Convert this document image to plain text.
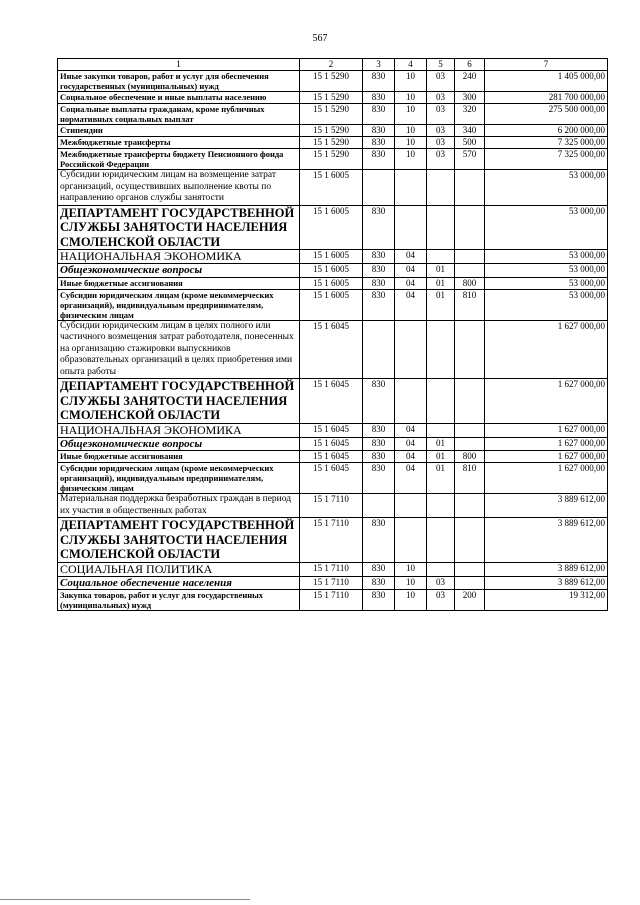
567
1	2	3	4	5	6	7
Иные закупки товаров, работ и услуг для обеспечения государственных (муниципальных) нужд	15 1 5290	830	10	03	240	1 405 000,00
Социальное обеспечение и иные выплаты населению	15 1 5290	830	10	03	300	281 700 000,00
Социальные выплаты гражданам, кроме публичных нормативных социальных выплат	15 1 5290	830	10	03	320	275 500 000,00
Стипендии	15 1 5290	830	10	03	340	6 200 000,00
Межбюджетные трансферты	15 1 5290	830	10	03	500	7 325 000,00
Межбюджетные трансферты бюджету Пенсионного фонда Российской Федерации	15 1 5290	830	10	03	570	7 325 000,00
Субсидии юридическим лицам на возмещение затрат организаций, осуществивших выполнение квоты по направлению органов службы занятости	15 1 6005					53 000,00
ДЕПАРТАМЕНТ ГОСУДАРСТВЕННОЙ СЛУЖБЫ ЗАНЯТОСТИ НАСЕЛЕНИЯ СМОЛЕНСКОЙ ОБЛАСТИ	15 1 6005	830				53 000,00
НАЦИОНАЛЬНАЯ ЭКОНОМИКА	15 1 6005	830	04			53 000,00
Общеэкономические вопросы	15 1 6005	830	04	01		53 000,00
Иные бюджетные ассигнования	15 1 6005	830	04	01	800	53 000,00
Субсидии юридическим лицам (кроме некоммерческих организаций), индивидуальным предпринимателям, физическим лицам	15 1 6005	830	04	01	810	53 000,00
Субсидии юридическим лицам в целях полного или частичного возмещения затрат работодателя, понесенных на организацию стажировки выпускников образовательных организаций в целях приобретения ими опыта работы	15 1 6045					1 627 000,00
ДЕПАРТАМЕНТ ГОСУДАРСТВЕННОЙ СЛУЖБЫ ЗАНЯТОСТИ НАСЕЛЕНИЯ СМОЛЕНСКОЙ ОБЛАСТИ	15 1 6045	830				1 627 000,00
НАЦИОНАЛЬНАЯ ЭКОНОМИКА	15 1 6045	830	04			1 627 000,00
Общеэкономические вопросы	15 1 6045	830	04	01		1 627 000,00
Иные бюджетные ассигнования	15 1 6045	830	04	01	800	1 627 000,00
Субсидии юридическим лицам (кроме некоммерческих организаций), индивидуальным предпринимателям, физическим лицам	15 1 6045	830	04	01	810	1 627 000,00
Материальная поддержка безработных граждан в период их участия в общественных работах	15 1 7110					3 889 612,00
ДЕПАРТАМЕНТ ГОСУДАРСТВЕННОЙ СЛУЖБЫ ЗАНЯТОСТИ НАСЕЛЕНИЯ СМОЛЕНСКОЙ ОБЛАСТИ	15 1 7110	830				3 889 612,00
СОЦИАЛЬНАЯ ПОЛИТИКА	15 1 7110	830	10			3 889 612,00
Социальное обеспечение населения	15 1 7110	830	10	03		3 889 612,00
Закупка товаров, работ и услуг для государственных (муниципальных) нужд	15 1 7110	830	10	03	200	19 312,00
